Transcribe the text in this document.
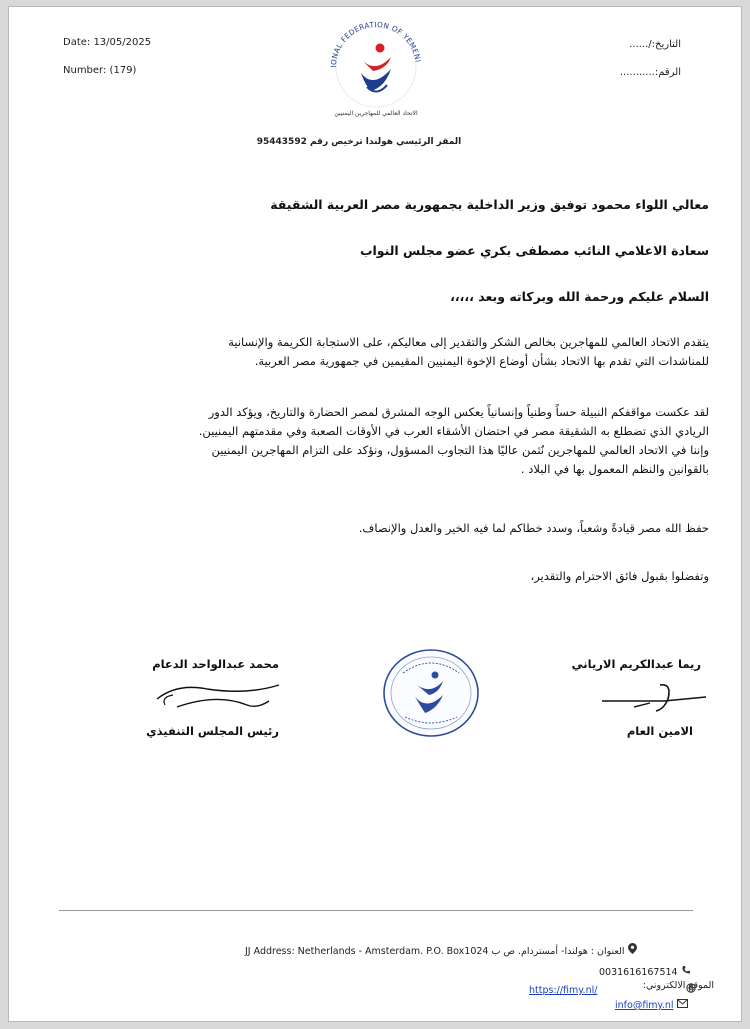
Date: 13/05/2025
Number: (179)
التاريخ:/......
الرقم:...........
IONAL FEDERATION OF YEMENI
الاتحاد العالمي للمهاجرين اليمنيين
المقر الرئيسي هولندا ترخيص رقم 95443592
معالي اللواء محمود توفيق وزير الداخلية بجمهورية مصر العربية الشقيقة
سعادة الاعلامي النائب مصطفى بكري عضو مجلس النواب
السلام عليكم ورحمة الله وبركاته وبعد ،،،،،
يتقدم الاتحاد العالمي للمهاجرين بخالص الشكر والتقدير إلى معاليكم، على الاستجابة الكريمة والإنسانية
للمناشدات التي تقدم بها الاتحاد بشأن أوضاع الإخوة اليمنيين المقيمين في جمهورية مصر العربية.
لقد عكست مواقفكم النبيلة حساً وطنياً وإنسانياً يعكس الوجه المشرق لمصر الحضارة والتاريخ، ويؤكد الدور
الريادي الذي تضطلع به الشقيقة مصر في احتضان الأشقاء العرب في الأوقات الصعبة وفي مقدمتهم اليمنيين.
وإننا في الاتحاد العالمي للمهاجرين نُثمن عاليًا هذا التجاوب المسؤول، ونؤكد على التزام المهاجرين اليمنيين
بالقوانين والنظم المعمول بها في البلاد .
حفظ الله مصر قيادةً وشعباً، وسدد خطاكم لما فيه الخير والعدل والإنصاف.
وتفضلوا بقبول فائق الاحترام والتقدير،
ريما عبدالكريم الارياني
الامين العام
محمد عبدالواحد الدعام
رئيس المجلس التنفيذي
JJ Address: Netherlands - Amsterdam. P.O. Box1024 العنوان : هولندا- أمستردام. ص ب
0031616167514
الموقع الالكتروني:
https://fimy.nl/
info@fimy.nl
